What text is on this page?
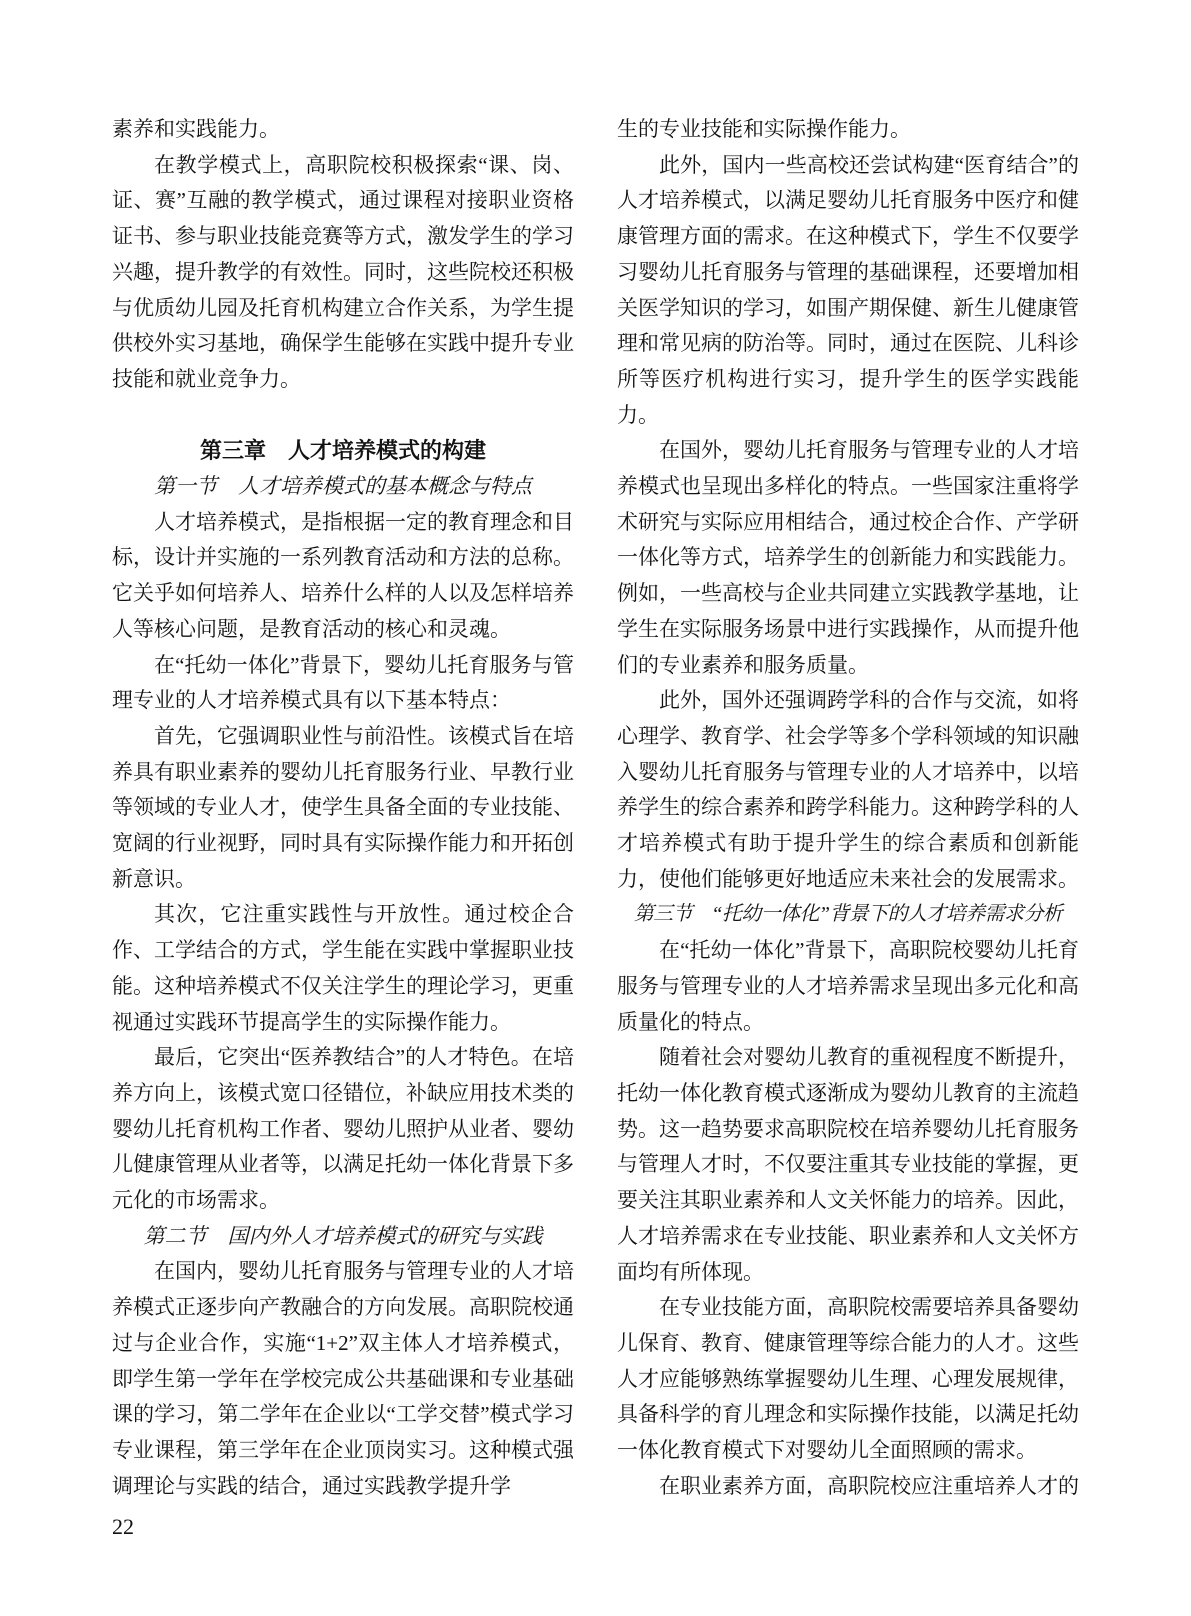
素养和实践能力。

在教学模式上，高职院校积极探索“课、岗、证、赛”互融的教学模式，通过课程对接职业资格证书、参与职业技能竞赛等方式，激发学生的学习兴趣，提升教学的有效性。同时，这些院校还积极与优质幼儿园及托育机构建立合作关系，为学生提供校外实习基地，确保学生能够在实践中提升专业技能和就业竞争力。

第三章　人才培养模式的构建
第一节　人才培养模式的基本概念与特点

人才培养模式，是指根据一定的教育理念和目标，设计并实施的一系列教育活动和方法的总称。它关乎如何培养人、培养什么样的人以及怎样培养人等核心问题，是教育活动的核心和灵魂。

在“托幼一体化”背景下，婴幼儿托育服务与管理专业的人才培养模式具有以下基本特点：

首先，它强调职业性与前沿性。该模式旨在培养具有职业素养的婴幼儿托育服务行业、早教行业等领域的专业人才，使学生具备全面的专业技能、宽阔的行业视野，同时具有实际操作能力和开拓创新意识。

其次，它注重实践性与开放性。通过校企合作、工学结合的方式，学生能在实践中掌握职业技能。这种培养模式不仅关注学生的理论学习，更重视通过实践环节提高学生的实际操作能力。

最后，它突出“医养教结合”的人才特色。在培养方向上，该模式宽口径错位，补缺应用技术类的婴幼儿托育机构工作者、婴幼儿照护从业者、婴幼儿健康管理从业者等，以满足托幼一体化背景下多元化的市场需求。

第二节　国内外人才培养模式的研究与实践

在国内，婴幼儿托育服务与管理专业的人才培养模式正逐步向产教融合的方向发展。高职院校通过与企业合作，实施“1+2”双主体人才培养模式，即学生第一学年在学校完成公共基础课和专业基础课的学习，第二学年在企业以“工学交替”模式学习专业课程，第三学年在企业顶岗实习。这种模式强调理论与实践的结合，通过实践教学提升学

生的专业技能和实际操作能力。

此外，国内一些高校还尝试构建“医育结合”的人才培养模式，以满足婴幼儿托育服务中医疗和健康管理方面的需求。在这种模式下，学生不仅要学习婴幼儿托育服务与管理的基础课程，还要增加相关医学知识的学习，如围产期保健、新生儿健康管理和常见病的防治等。同时，通过在医院、儿科诊所等医疗机构进行实习，提升学生的医学实践能力。

在国外，婴幼儿托育服务与管理专业的人才培养模式也呈现出多样化的特点。一些国家注重将学术研究与实际应用相结合，通过校企合作、产学研一体化等方式，培养学生的创新能力和实践能力。例如，一些高校与企业共同建立实践教学基地，让学生在实际服务场景中进行实践操作，从而提升他们的专业素养和服务质量。

此外，国外还强调跨学科的合作与交流，如将心理学、教育学、社会学等多个学科领域的知识融入婴幼儿托育服务与管理专业的人才培养中，以培养学生的综合素养和跨学科能力。这种跨学科的人才培养模式有助于提升学生的综合素质和创新能力，使他们能够更好地适应未来社会的发展需求。

第三节　“托幼一体化”背景下的人才培养需求分析

在“托幼一体化”背景下，高职院校婴幼儿托育服务与管理专业的人才培养需求呈现出多元化和高质量化的特点。

随着社会对婴幼儿教育的重视程度不断提升，托幼一体化教育模式逐渐成为婴幼儿教育的主流趋势。这一趋势要求高职院校在培养婴幼儿托育服务与管理人才时，不仅要注重其专业技能的掌握，更要关注其职业素养和人文关怀能力的培养。因此，人才培养需求在专业技能、职业素养和人文关怀方面均有所体现。

在专业技能方面，高职院校需要培养具备婴幼儿保育、教育、健康管理等综合能力的人才。这些人才应能够熟练掌握婴幼儿生理、心理发展规律，具备科学的育儿理念和实际操作技能，以满足托幼一体化教育模式下对婴幼儿全面照顾的需求。

在职业素养方面，高职院校应注重培养人才的

22
